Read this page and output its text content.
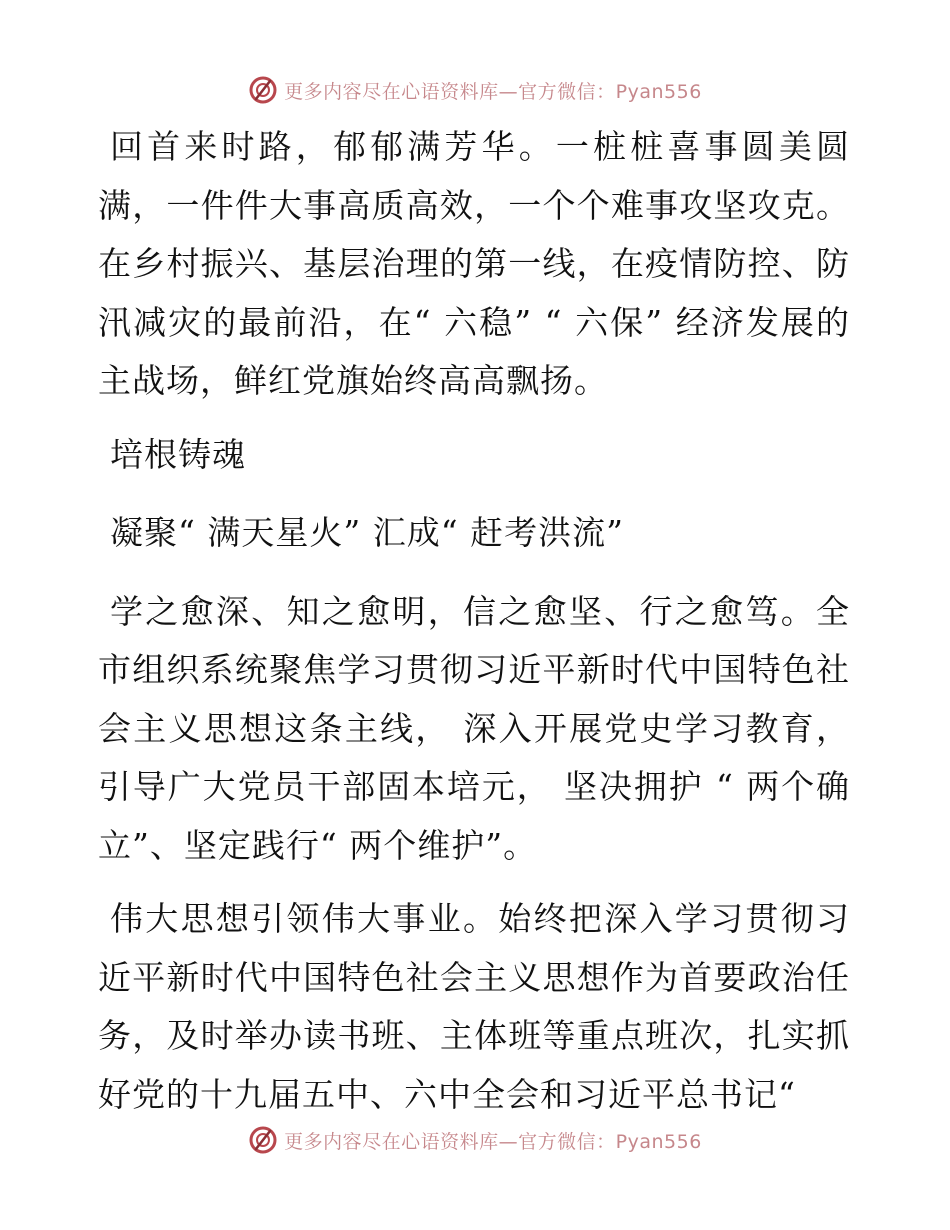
更多内容尽在心语资料库—官方微信：Pyan556

回首来时路，郁郁满芳华。一桩桩喜事圆美圆满，一件件大事高质高效，一个个难事攻坚攻克。在乡村振兴、基层治理的第一线，在疫情防控、防汛减灾的最前沿，在“ 六稳” “ 六保” 经济发展的主战场，鲜红党旗始终高高飘扬。

培根铸魂

凝聚“ 满天星火” 汇成“ 赶考洪流”

学之愈深、知之愈明，信之愈坚、行之愈笃。全市组织系统聚焦学习贯彻习近平新时代中国特色社会主义思想这条主线， 深入开展党史学习教育，引导广大党员干部固本培元， 坚决拥护 “ 两个确立”、坚定践行“ 两个维护”。

伟大思想引领伟大事业。始终把深入学习贯彻习近平新时代中国特色社会主义思想作为首要政治任务，及时举办读书班、主体班等重点班次，扎实抓好党的十九届五中、六中全会和习近平总书记“

更多内容尽在心语资料库—官方微信：Pyan556
